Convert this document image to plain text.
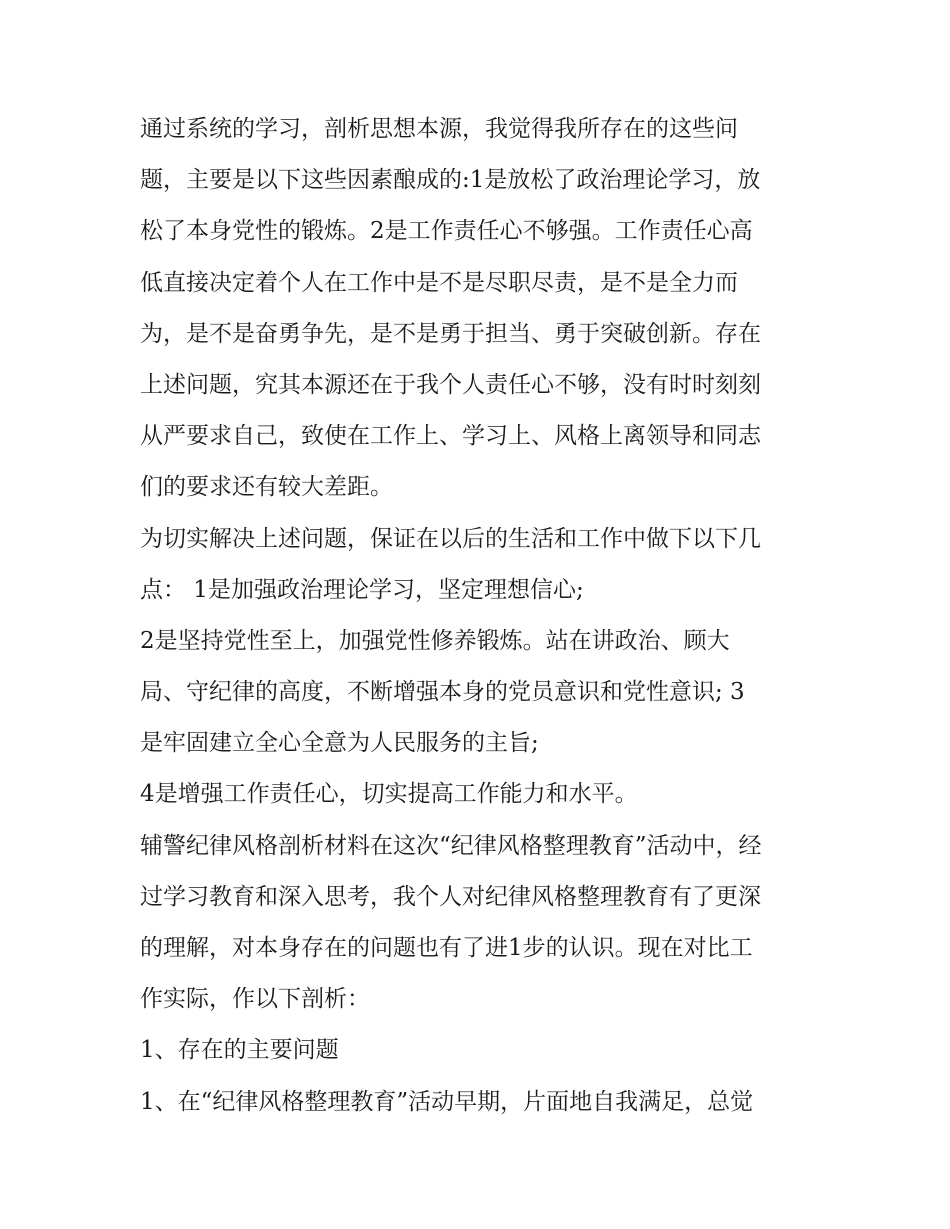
通过系统的学习，剖析思想本源，我觉得我所存在的这些问
题，主要是以下这些因素酿成的:1是放松了政治理论学习，放
松了本身党性的锻炼。2是工作责任心不够强。工作责任心高
低直接决定着个人在工作中是不是尽职尽责，是不是全力而
为，是不是奋勇争先，是不是勇于担当、勇于突破创新。存在
上述问题，究其本源还在于我个人责任心不够，没有时时刻刻
从严要求自己，致使在工作上、学习上、风格上离领导和同志
们的要求还有较大差距。
为切实解决上述问题，保证在以后的生活和工作中做下以下几
点： 1是加强政治理论学习，坚定理想信心;
2是坚持党性至上，加强党性修养锻炼。站在讲政治、顾大
局、守纪律的高度，不断增强本身的党员意识和党性意识; 3
是牢固建立全心全意为人民服务的主旨;
4是增强工作责任心，切实提高工作能力和水平。
辅警纪律风格剖析材料在这次“纪律风格整理教育”活动中，经
过学习教育和深入思考，我个人对纪律风格整理教育有了更深
的理解，对本身存在的问题也有了进1步的认识。现在对比工
作实际，作以下剖析：
1、存在的主要问题
1、在“纪律风格整理教育”活动早期，片面地自我满足，总觉
